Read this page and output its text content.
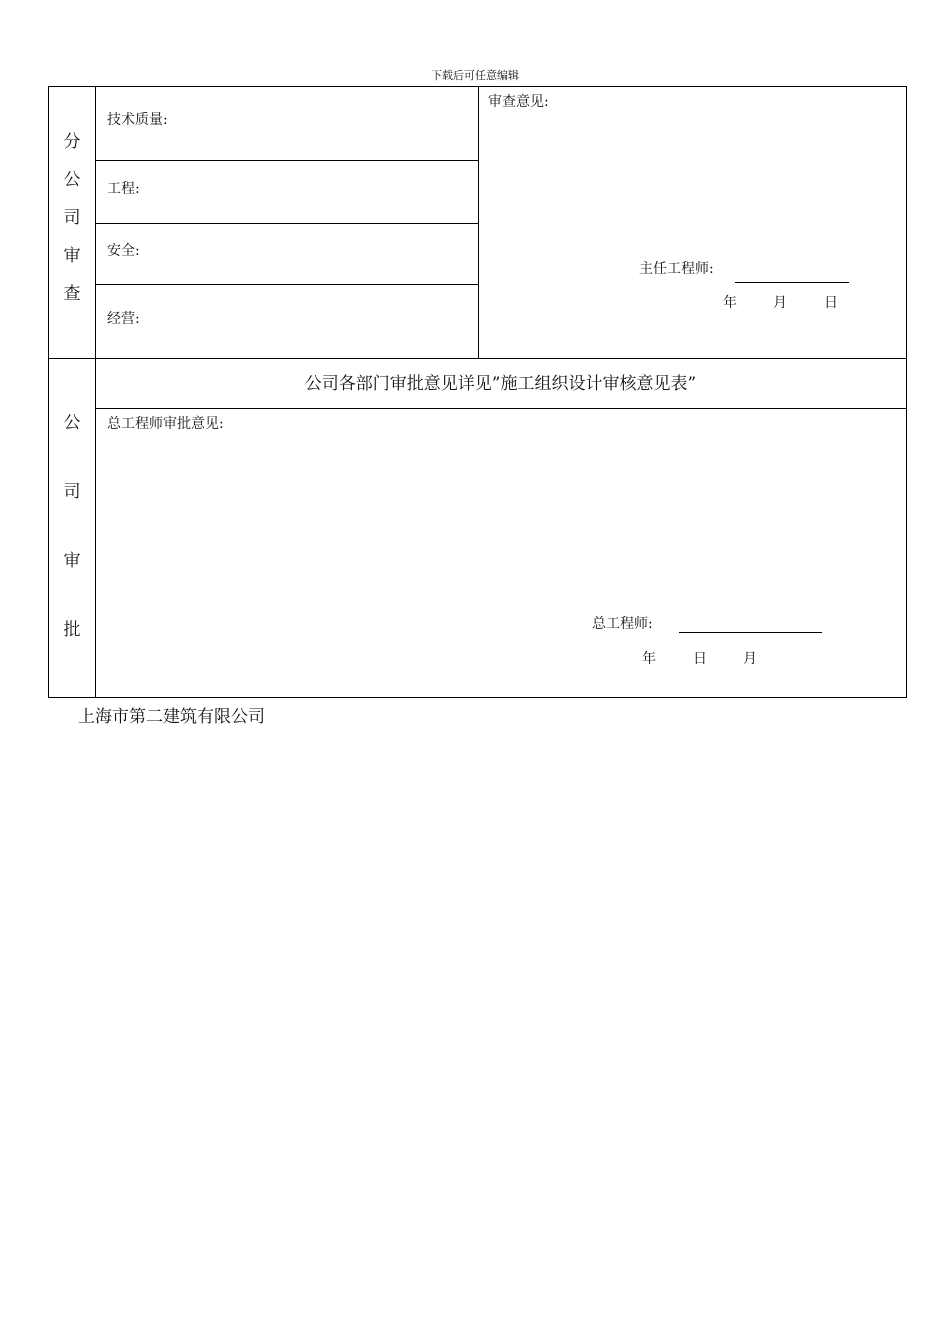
下载后可任意编辑
分
公
司
审
查
技术质量:
工程:
安全:
经营:
审查意见:
主任工程师:
年	月	日
公
司
审
批
公司各部门审批意见详见”施工组织设计审核意见表”
总工程师审批意见:
总工程师:
年	日	月
上海市第二建筑有限公司
